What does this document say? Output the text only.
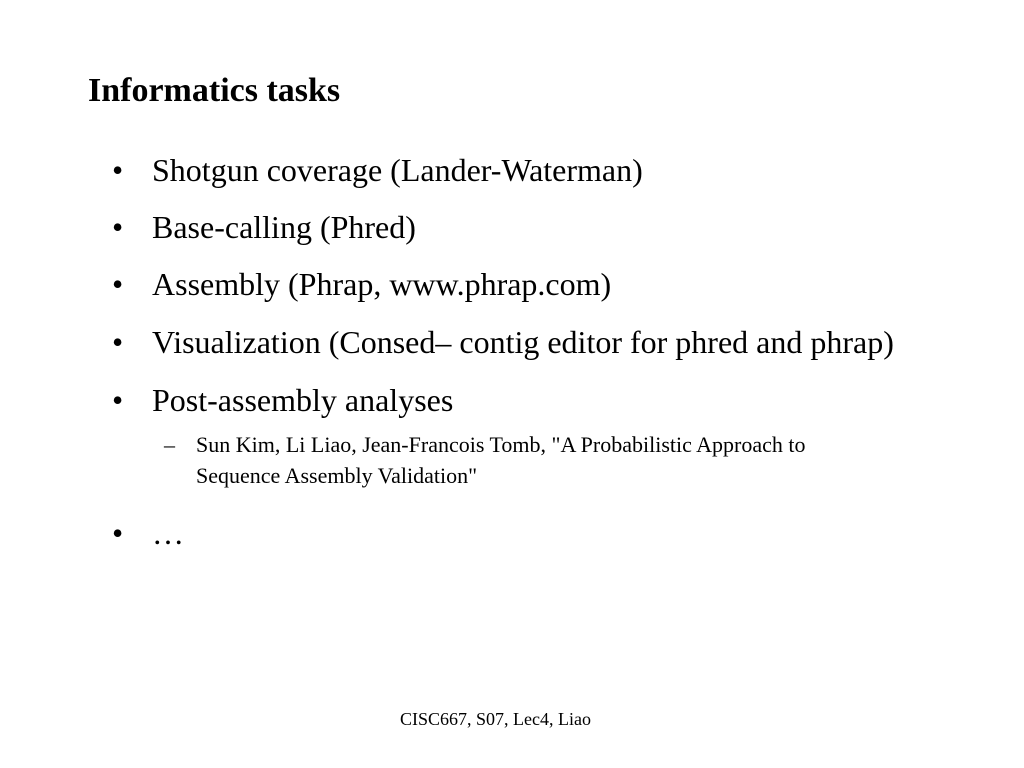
Informatics tasks
• Shotgun coverage (Lander-Waterman)
• Base-calling (Phred)
• Assembly (Phrap, www.phrap.com)
• Visualization (Consed– contig editor for phred and phrap)
• Post-assembly analyses
– Sun Kim, Li Liao, Jean-Francois Tomb, "A Probabilistic Approach to Sequence Assembly Validation"
• …
CISC667, S07, Lec4, Liao
